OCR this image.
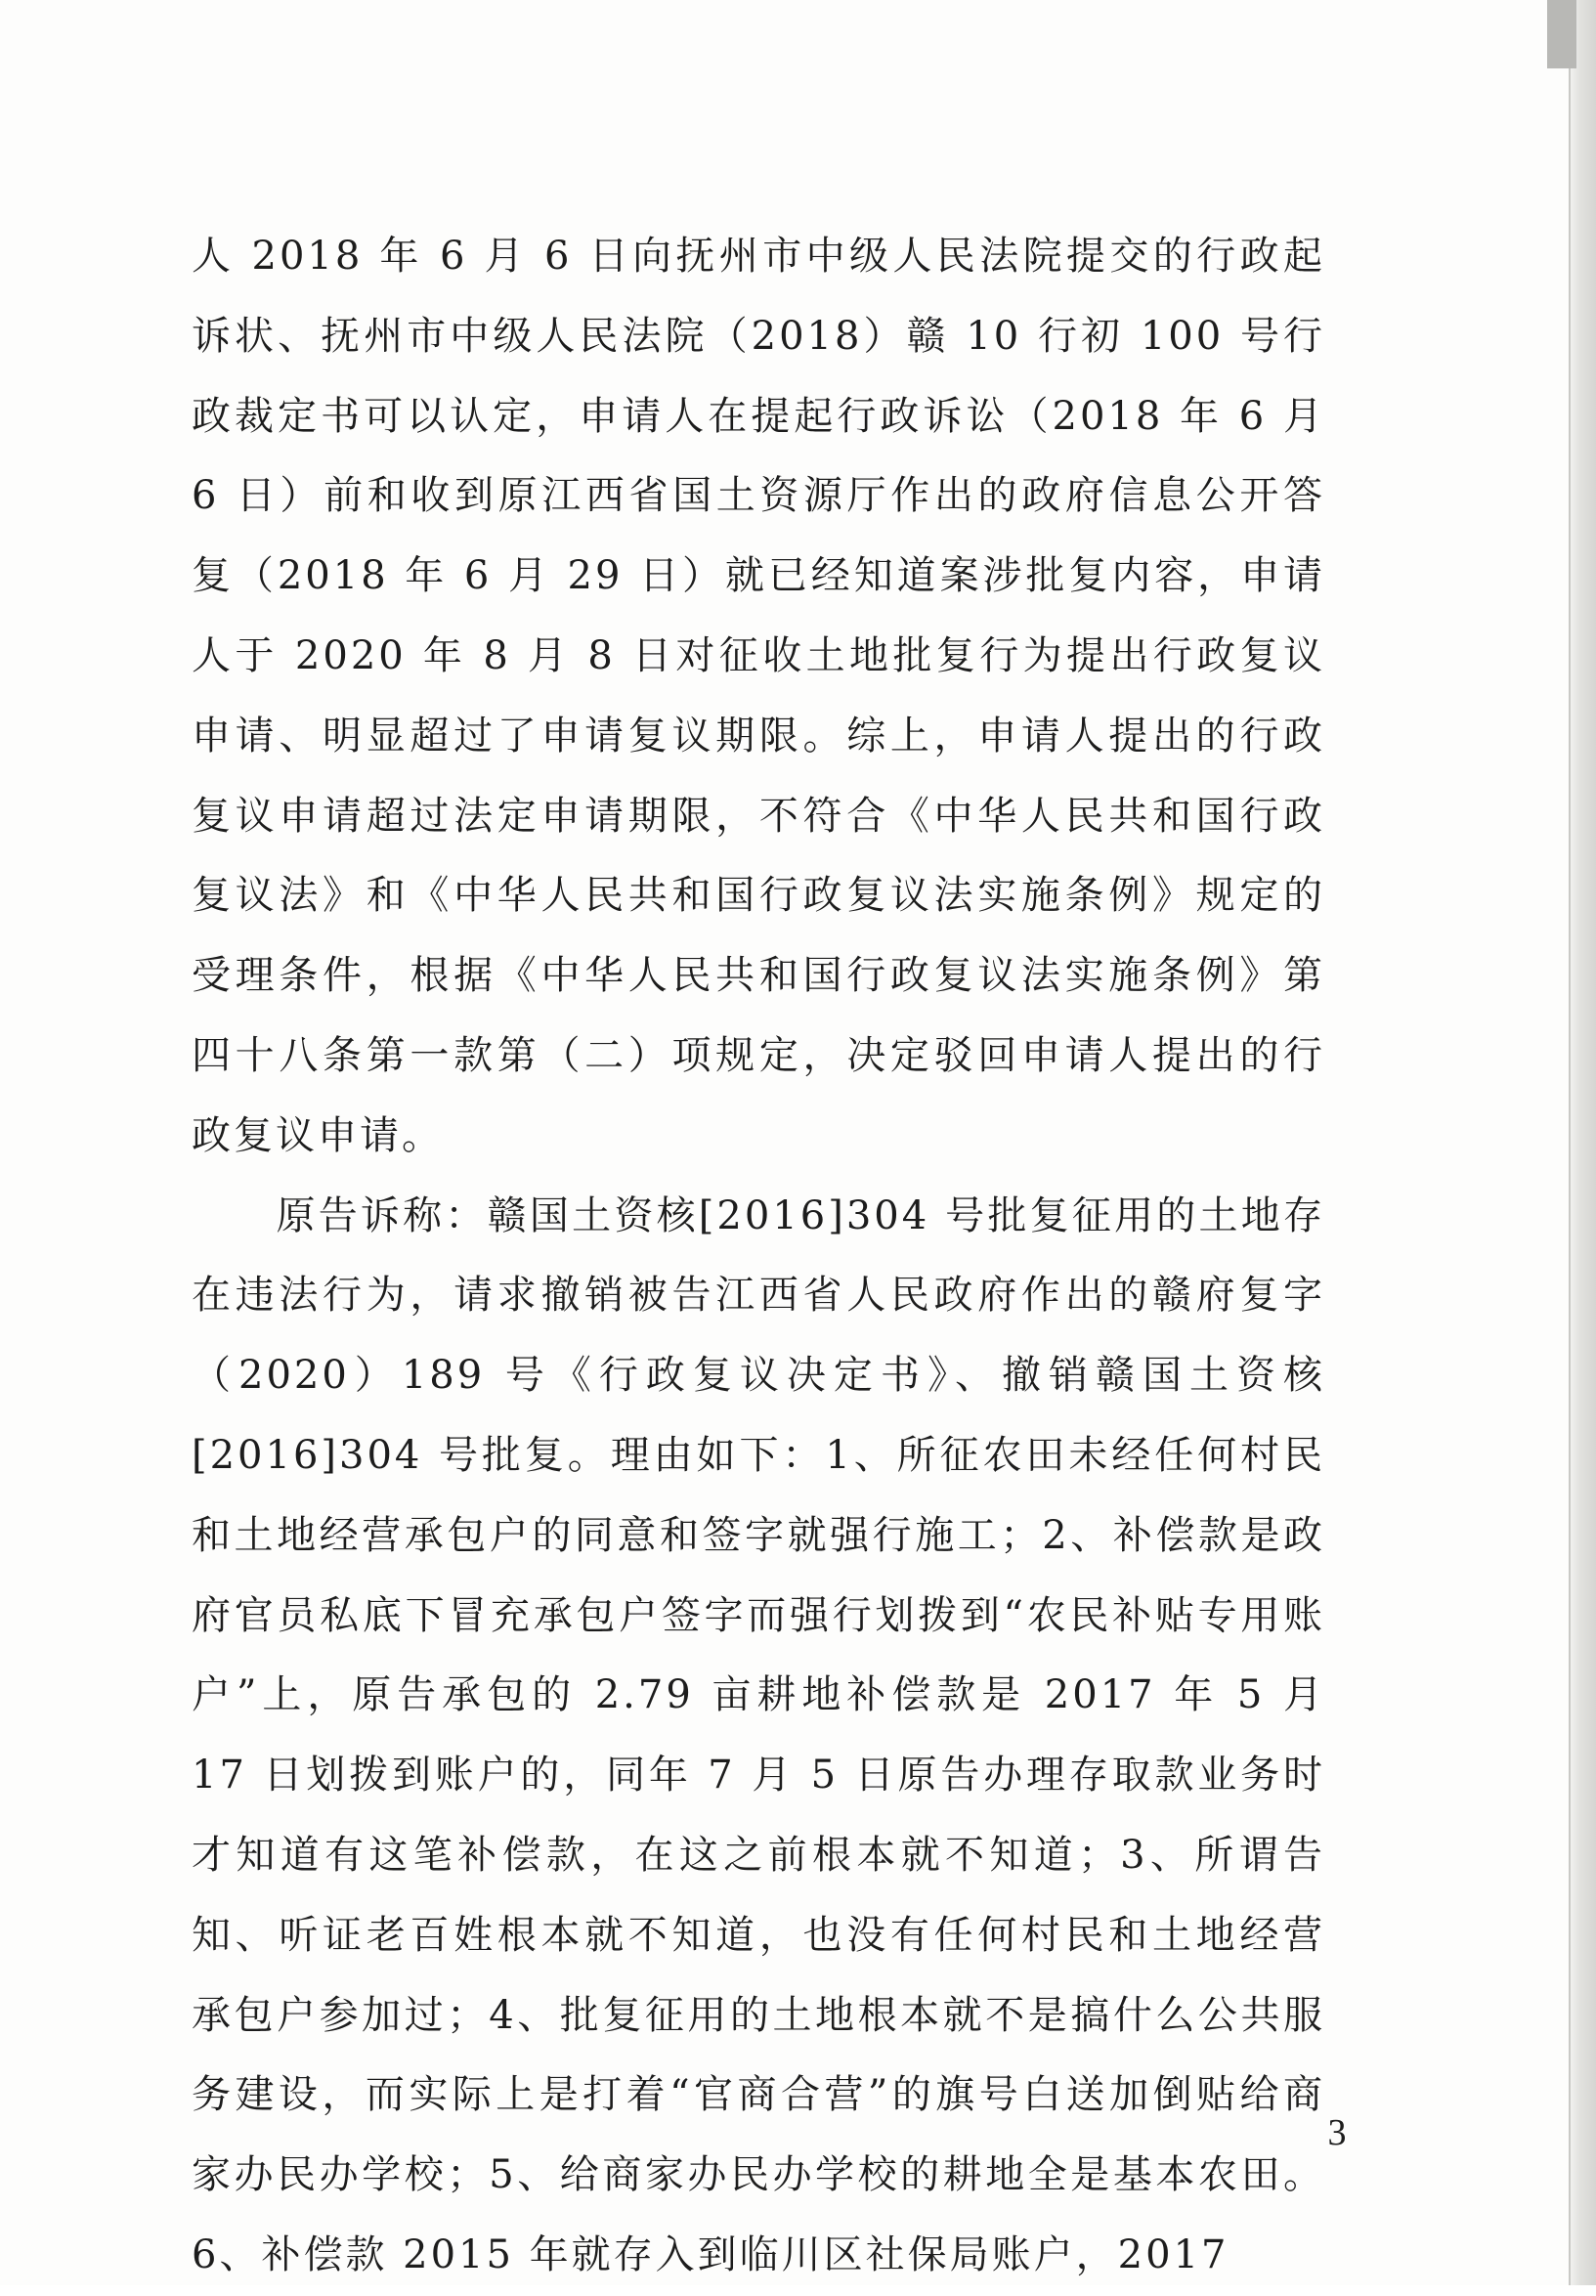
人 2018 年 6 月 6 日向抚州市中级人民法院提交的行政起诉状、抚州市中级人民法院（2018）赣 10 行初 100 号行政裁定书可以认定，申请人在提起行政诉讼（2018 年 6 月 6 日）前和收到原江西省国土资源厅作出的政府信息公开答复（2018 年 6 月 29 日）就已经知道案涉批复内容，申请人于 2020 年 8 月 8 日对征收土地批复行为提出行政复议申请、明显超过了申请复议期限。综上，申请人提出的行政复议申请超过法定申请期限，不符合《中华人民共和国行政复议法》和《中华人民共和国行政复议法实施条例》规定的受理条件，根据《中华人民共和国行政复议法实施条例》第四十八条第一款第（二）项规定，决定驳回申请人提出的行政复议申请。

　　原告诉称：赣国土资核[2016]304 号批复征用的土地存在违法行为，请求撤销被告江西省人民政府作出的赣府复字（2020）189 号《行政复议决定书》、撤销赣国土资核[2016]304 号批复。理由如下：1、所征农田未经任何村民和土地经营承包户的同意和签字就强行施工；2、补偿款是政府官员私底下冒充承包户签字而强行划拨到“农民补贴专用账户”上，原告承包的 2.79 亩耕地补偿款是 2017 年 5 月 17 日划拨到账户的，同年 7 月 5 日原告办理存取款业务时才知道有这笔补偿款，在这之前根本就不知道；3、所谓告知、听证老百姓根本就不知道，也没有任何村民和土地经营承包户参加过；4、批复征用的土地根本就不是搞什么公共服务建设，而实际上是打着“官商合营”的旗号白送加倒贴给商家办民办学校；5、给商家办民办学校的耕地全是基本农田。6、补偿款 2015 年就存入到临川区社保局账户，2017

3
